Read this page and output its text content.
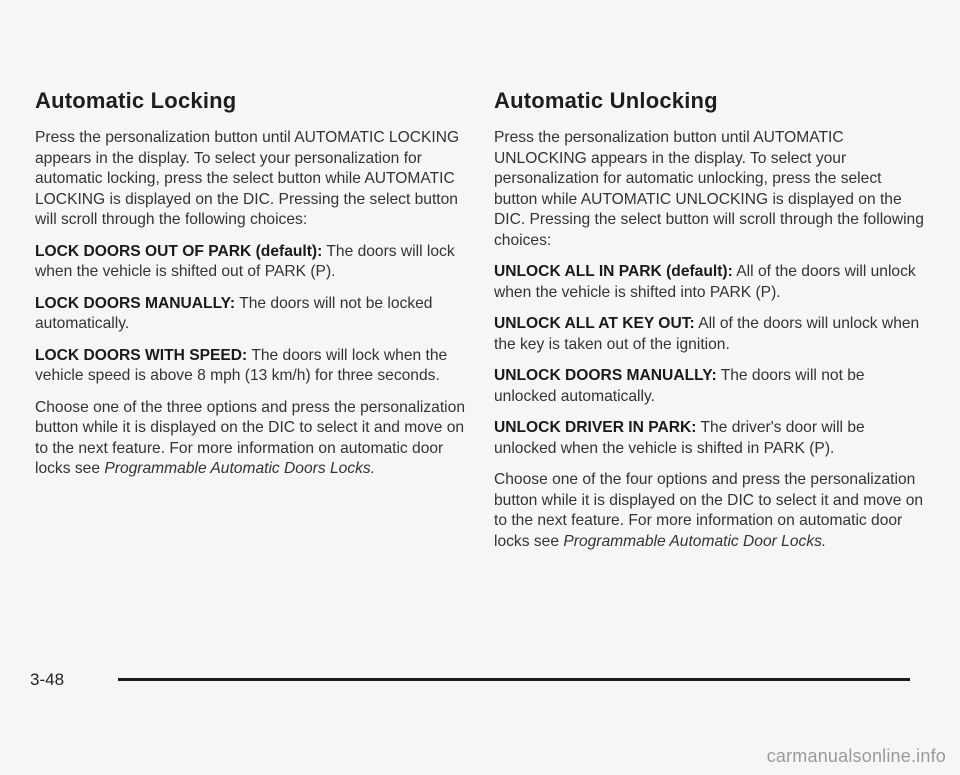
Automatic Locking

Press the personalization button until AUTOMATIC LOCKING appears in the display. To select your personalization for automatic locking, press the select button while AUTOMATIC LOCKING is displayed on the DIC. Pressing the select button will scroll through the following choices:

LOCK DOORS OUT OF PARK (default): The doors will lock when the vehicle is shifted out of PARK (P).

LOCK DOORS MANUALLY: The doors will not be locked automatically.

LOCK DOORS WITH SPEED: The doors will lock when the vehicle speed is above 8 mph (13 km/h) for three seconds.

Choose one of the three options and press the personalization button while it is displayed on the DIC to select it and move on to the next feature. For more information on automatic door locks see Programmable Automatic Doors Locks.

Automatic Unlocking

Press the personalization button until AUTOMATIC UNLOCKING appears in the display. To select your personalization for automatic unlocking, press the select button while AUTOMATIC UNLOCKING is displayed on the DIC. Pressing the select button will scroll through the following choices:

UNLOCK ALL IN PARK (default): All of the doors will unlock when the vehicle is shifted into PARK (P).

UNLOCK ALL AT KEY OUT: All of the doors will unlock when the key is taken out of the ignition.

UNLOCK DOORS MANUALLY: The doors will not be unlocked automatically.

UNLOCK DRIVER IN PARK: The driver's door will be unlocked when the vehicle is shifted in PARK (P).

Choose one of the four options and press the personalization button while it is displayed on the DIC to select it and move on to the next feature. For more information on automatic door locks see Programmable Automatic Door Locks.

3-48
carmanualsonline.info
